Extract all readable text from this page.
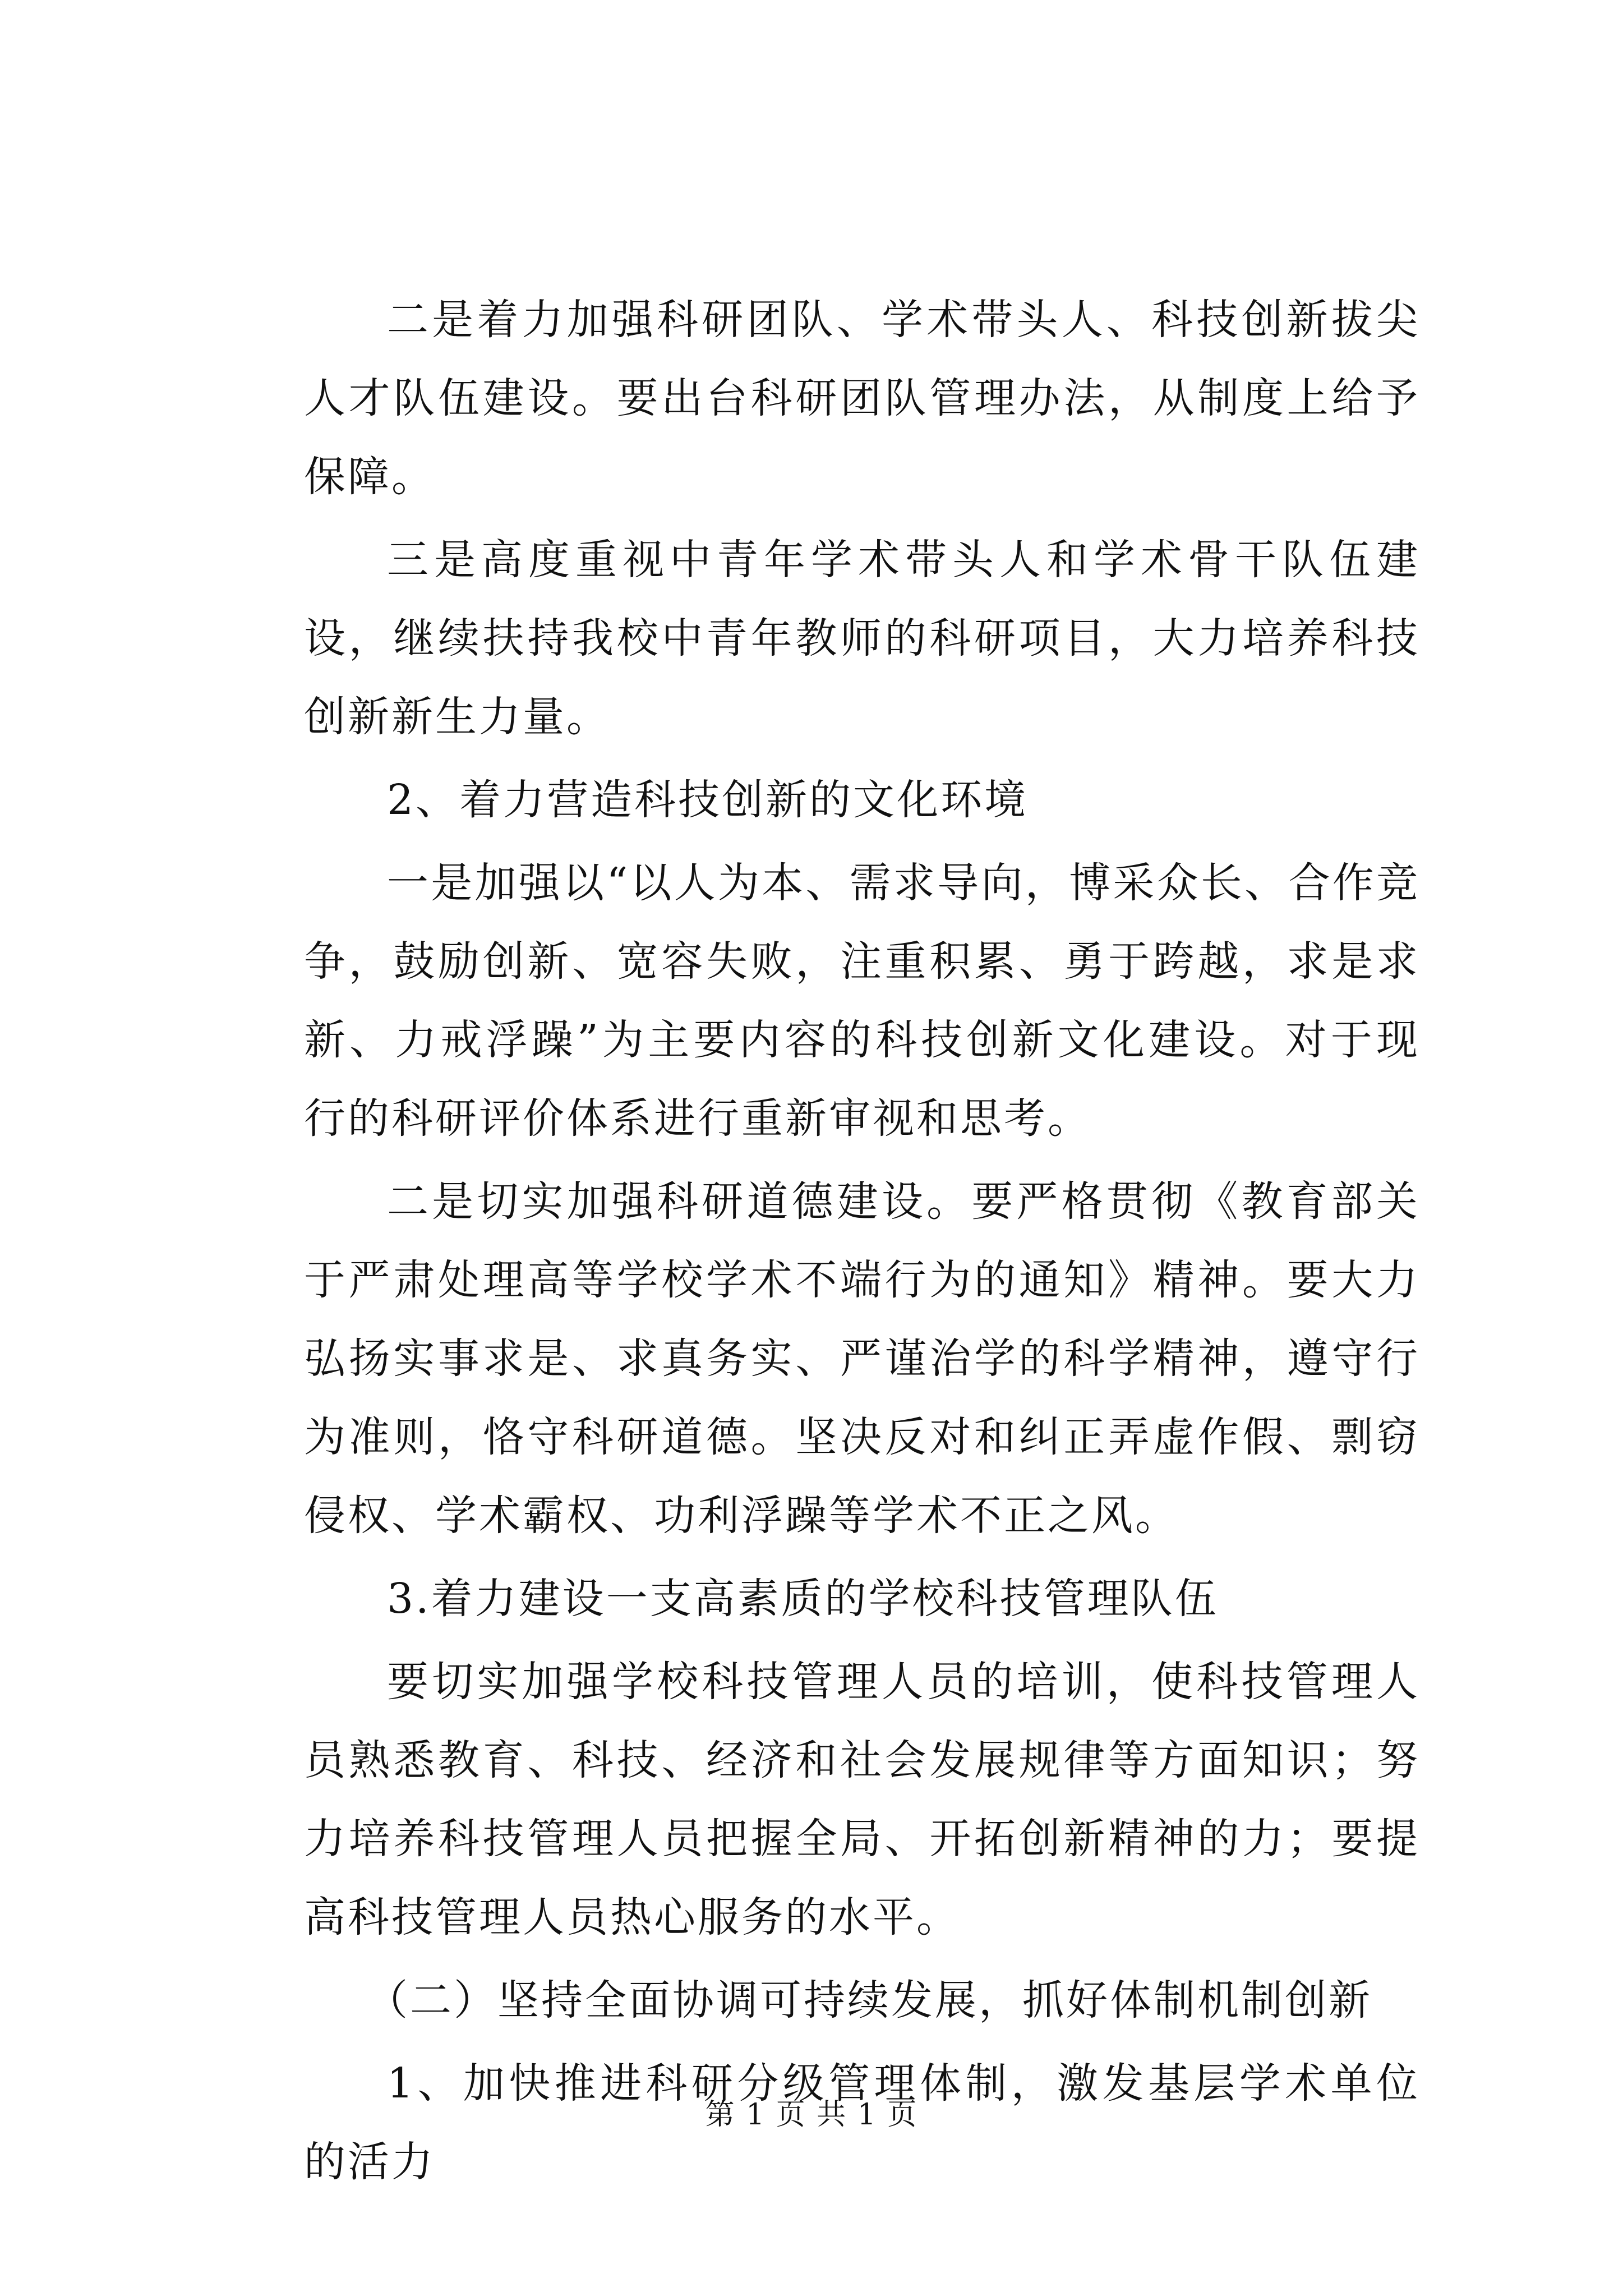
二是着力加强科研团队、学术带头人、科技创新拔尖人才队伍建设。要出台科研团队管理办法，从制度上给予保障。

三是高度重视中青年学术带头人和学术骨干队伍建设，继续扶持我校中青年教师的科研项目，大力培养科技创新新生力量。

2、着力营造科技创新的文化环境

一是加强以“以人为本、需求导向，博采众长、合作竞争，鼓励创新、宽容失败，注重积累、勇于跨越，求是求新、力戒浮躁”为主要内容的科技创新文化建设。对于现行的科研评价体系进行重新审视和思考。

二是切实加强科研道德建设。要严格贯彻《教育部关于严肃处理高等学校学术不端行为的通知》精神。要大力弘扬实事求是、求真务实、严谨治学的科学精神，遵守行为准则，恪守科研道德。坚决反对和纠正弄虚作假、剽窃侵权、学术霸权、功利浮躁等学术不正之风。

3.着力建设一支高素质的学校科技管理队伍

要切实加强学校科技管理人员的培训，使科技管理人员熟悉教育、科技、经济和社会发展规律等方面知识；努力培养科技管理人员把握全局、开拓创新精神的力；要提高科技管理人员热心服务的水平。

（二）坚持全面协调可持续发展，抓好体制机制创新

1、加快推进科研分级管理体制，激发基层学术单位的活力

第 1 页 共 1 页
